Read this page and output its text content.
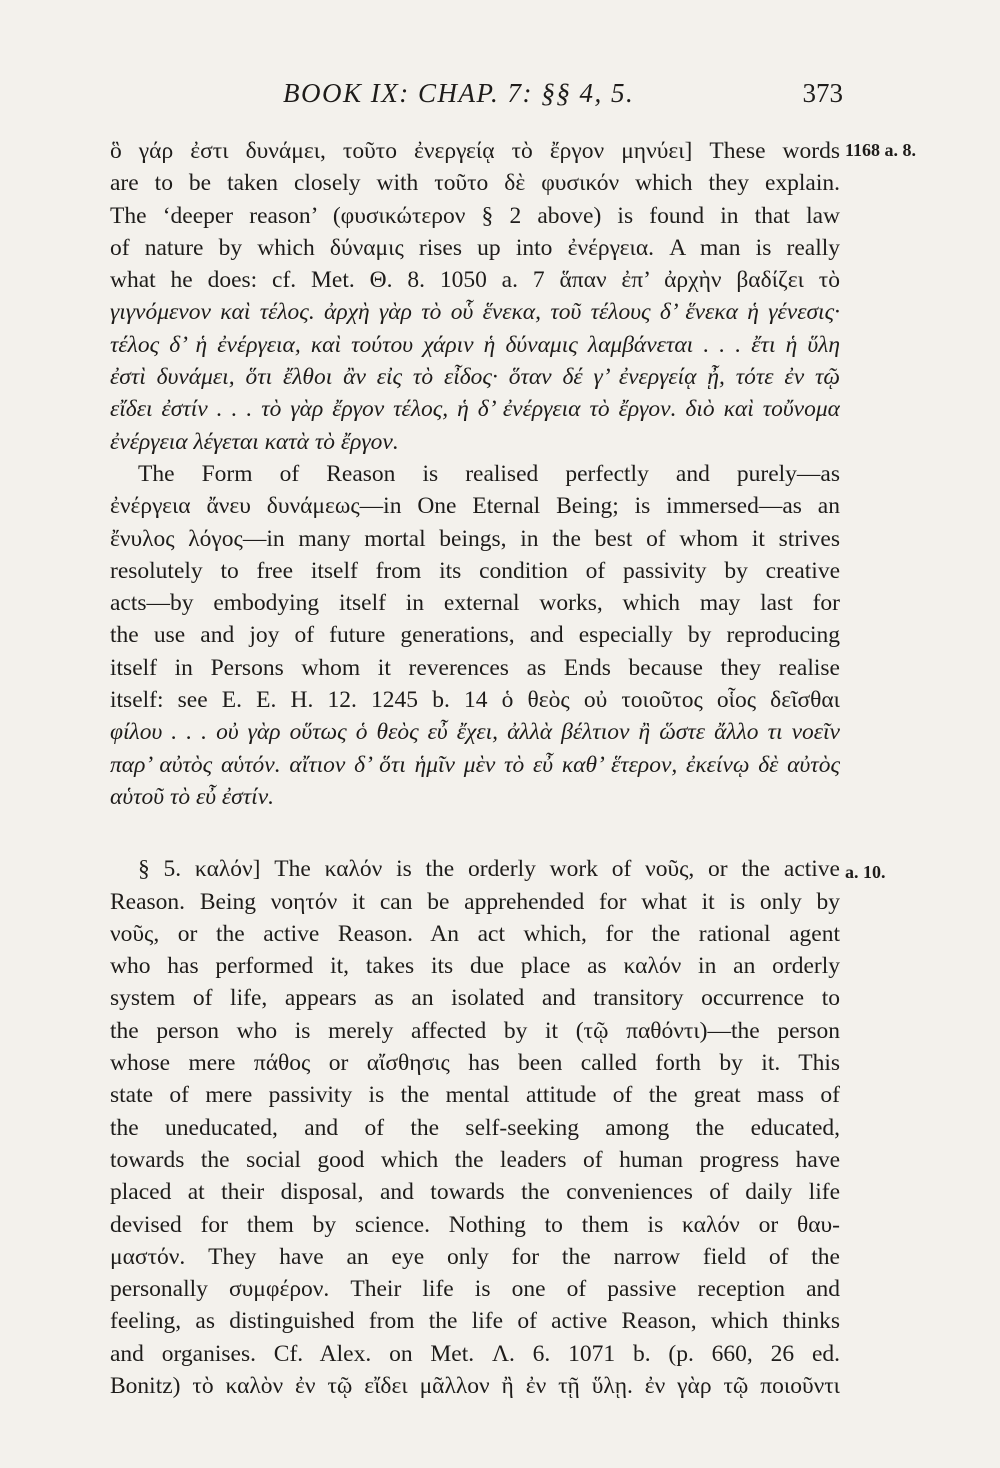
BOOK IX: CHAP. 7: §§ 4, 5.	373
1168 a. 8.
a. 10.
ὃ γάρ ἐστι δυνάμει, τοῦτο ἐνεργείᾳ τὸ ἔργον μηνύει] These words
are to be taken closely with τοῦτο δὲ φυσικόν which they explain.
The ‘deeper reason’ (φυσικώτερον § 2 above) is found in that law
of nature by which δύναμις rises up into ἐνέργεια. A man is really
what he does: cf. Met. Θ. 8. 1050 a. 7 ἅπαν ἐπ’ ἀρχὴν βαδίζει τὸ
γιγνόμενον καὶ τέλος. ἀρχὴ γὰρ τὸ οὗ ἕνεκα, τοῦ τέλους δ’ ἕνεκα ἡ γένεσις·
τέλος δ’ ἡ ἐνέργεια, καὶ τούτου χάριν ἡ δύναμις λαμβάνεται . . . ἔτι ἡ ὕλη
ἐστὶ δυνάμει, ὅτι ἔλθοι ἂν εἰς τὸ εἶδος· ὅταν δέ γ’ ἐνεργείᾳ ᾖ, τότε ἐν τῷ
εἴδει ἐστίν . . . τὸ γὰρ ἔργον τέλος, ἡ δ’ ἐνέργεια τὸ ἔργον. διὸ καὶ τοὔνομα
ἐνέργεια λέγεται κατὰ τὸ ἔργον.
The Form of Reason is realised perfectly and purely—as
ἐνέργεια ἄνευ δυνάμεως—in One Eternal Being; is immersed—as an
ἔνυλος λόγος—in many mortal beings, in the best of whom it strives
resolutely to free itself from its condition of passivity by creative
acts—by embodying itself in external works, which may last for
the use and joy of future generations, and especially by reproducing
itself in Persons whom it reverences as Ends because they realise
itself: see E. E. H. 12. 1245 b. 14 ὁ θεὸς οὐ τοιοῦτος οἷος δεῖσθαι
φίλου . . . οὐ γὰρ οὕτως ὁ θεὸς εὖ ἔχει, ἀλλὰ βέλτιον ἢ ὥστε ἄλλο τι νοεῖν
παρ’ αὐτὸς αὑτόν. αἴτιον δ’ ὅτι ἡμῖν μὲν τὸ εὖ καθ’ ἕτερον, ἐκείνῳ δὲ αὐτὸς
αὑτοῦ τὸ εὖ ἐστίν.
§ 5. καλόν] The καλόν is the orderly work of νοῦς, or the active
Reason. Being νοητόν it can be apprehended for what it is only by
νοῦς, or the active Reason. An act which, for the rational agent
who has performed it, takes its due place as καλόν in an orderly
system of life, appears as an isolated and transitory occurrence to
the person who is merely affected by it (τῷ παθόντι)—the person
whose mere πάθος or αἴσθησις has been called forth by it. This
state of mere passivity is the mental attitude of the great mass of
the uneducated, and of the self-seeking among the educated,
towards the social good which the leaders of human progress have
placed at their disposal, and towards the conveniences of daily life
devised for them by science. Nothing to them is καλόν or θαυ-
μαστόν. They have an eye only for the narrow field of the
personally συμφέρον. Their life is one of passive reception and
feeling, as distinguished from the life of active Reason, which thinks
and organises. Cf. Alex. on Met. Λ. 6. 1071 b. (p. 660, 26 ed.
Bonitz) τὸ καλὸν ἐν τῷ εἴδει μᾶλλον ἢ ἐν τῇ ὕλῃ. ἐν γὰρ τῷ ποιοῦντι
